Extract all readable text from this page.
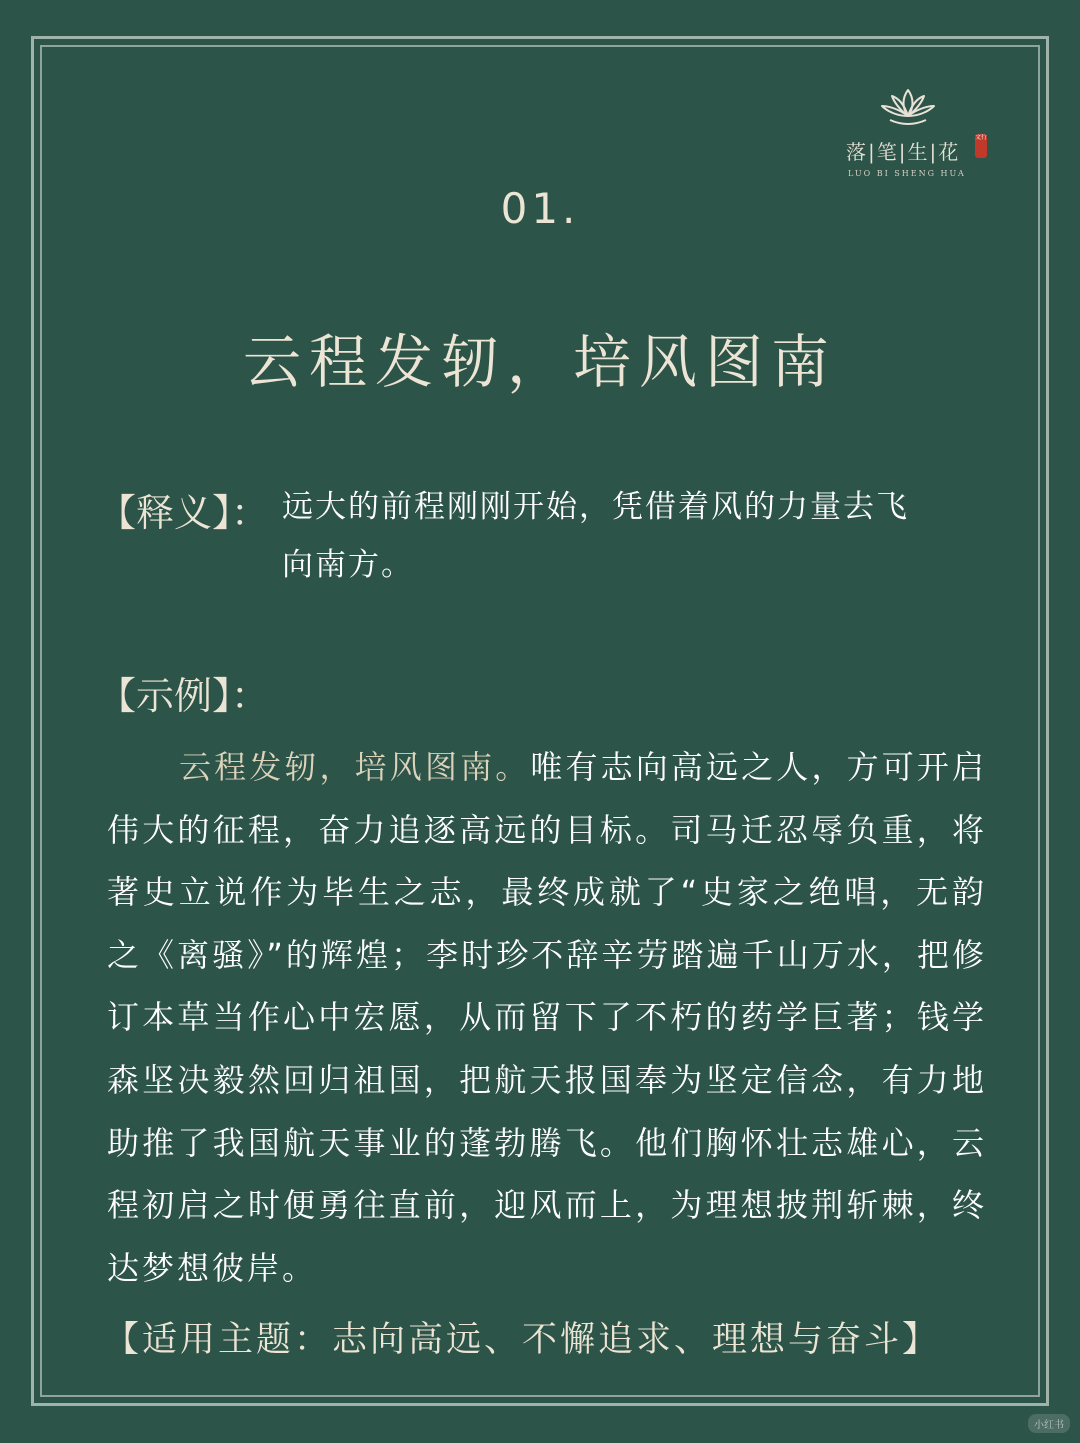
落|笔|生|花
文行
LUO BI SHENG HUA
01.
云程发轫，培风图南
【释义】： 远大的前程刚刚开始，凭借着风的力量去飞向南方。
【示例】：
云程发轫，培风图南。唯有志向高远之人，方可开启伟大的征程，奋力追逐高远的目标。司马迁忍辱负重，将著史立说作为毕生之志，最终成就了“史家之绝唱，无韵之《离骚》”的辉煌；李时珍不辞辛劳踏遍千山万水，把修订本草当作心中宏愿，从而留下了不朽的药学巨著；钱学森坚决毅然回归祖国，把航天报国奉为坚定信念，有力地助推了我国航天事业的蓬勃腾飞。他们胸怀壮志雄心，云程初启之时便勇往直前，迎风而上，为理想披荆斩棘，终达梦想彼岸。
【适用主题：志向高远、不懈追求、理想与奋斗】
小红书
